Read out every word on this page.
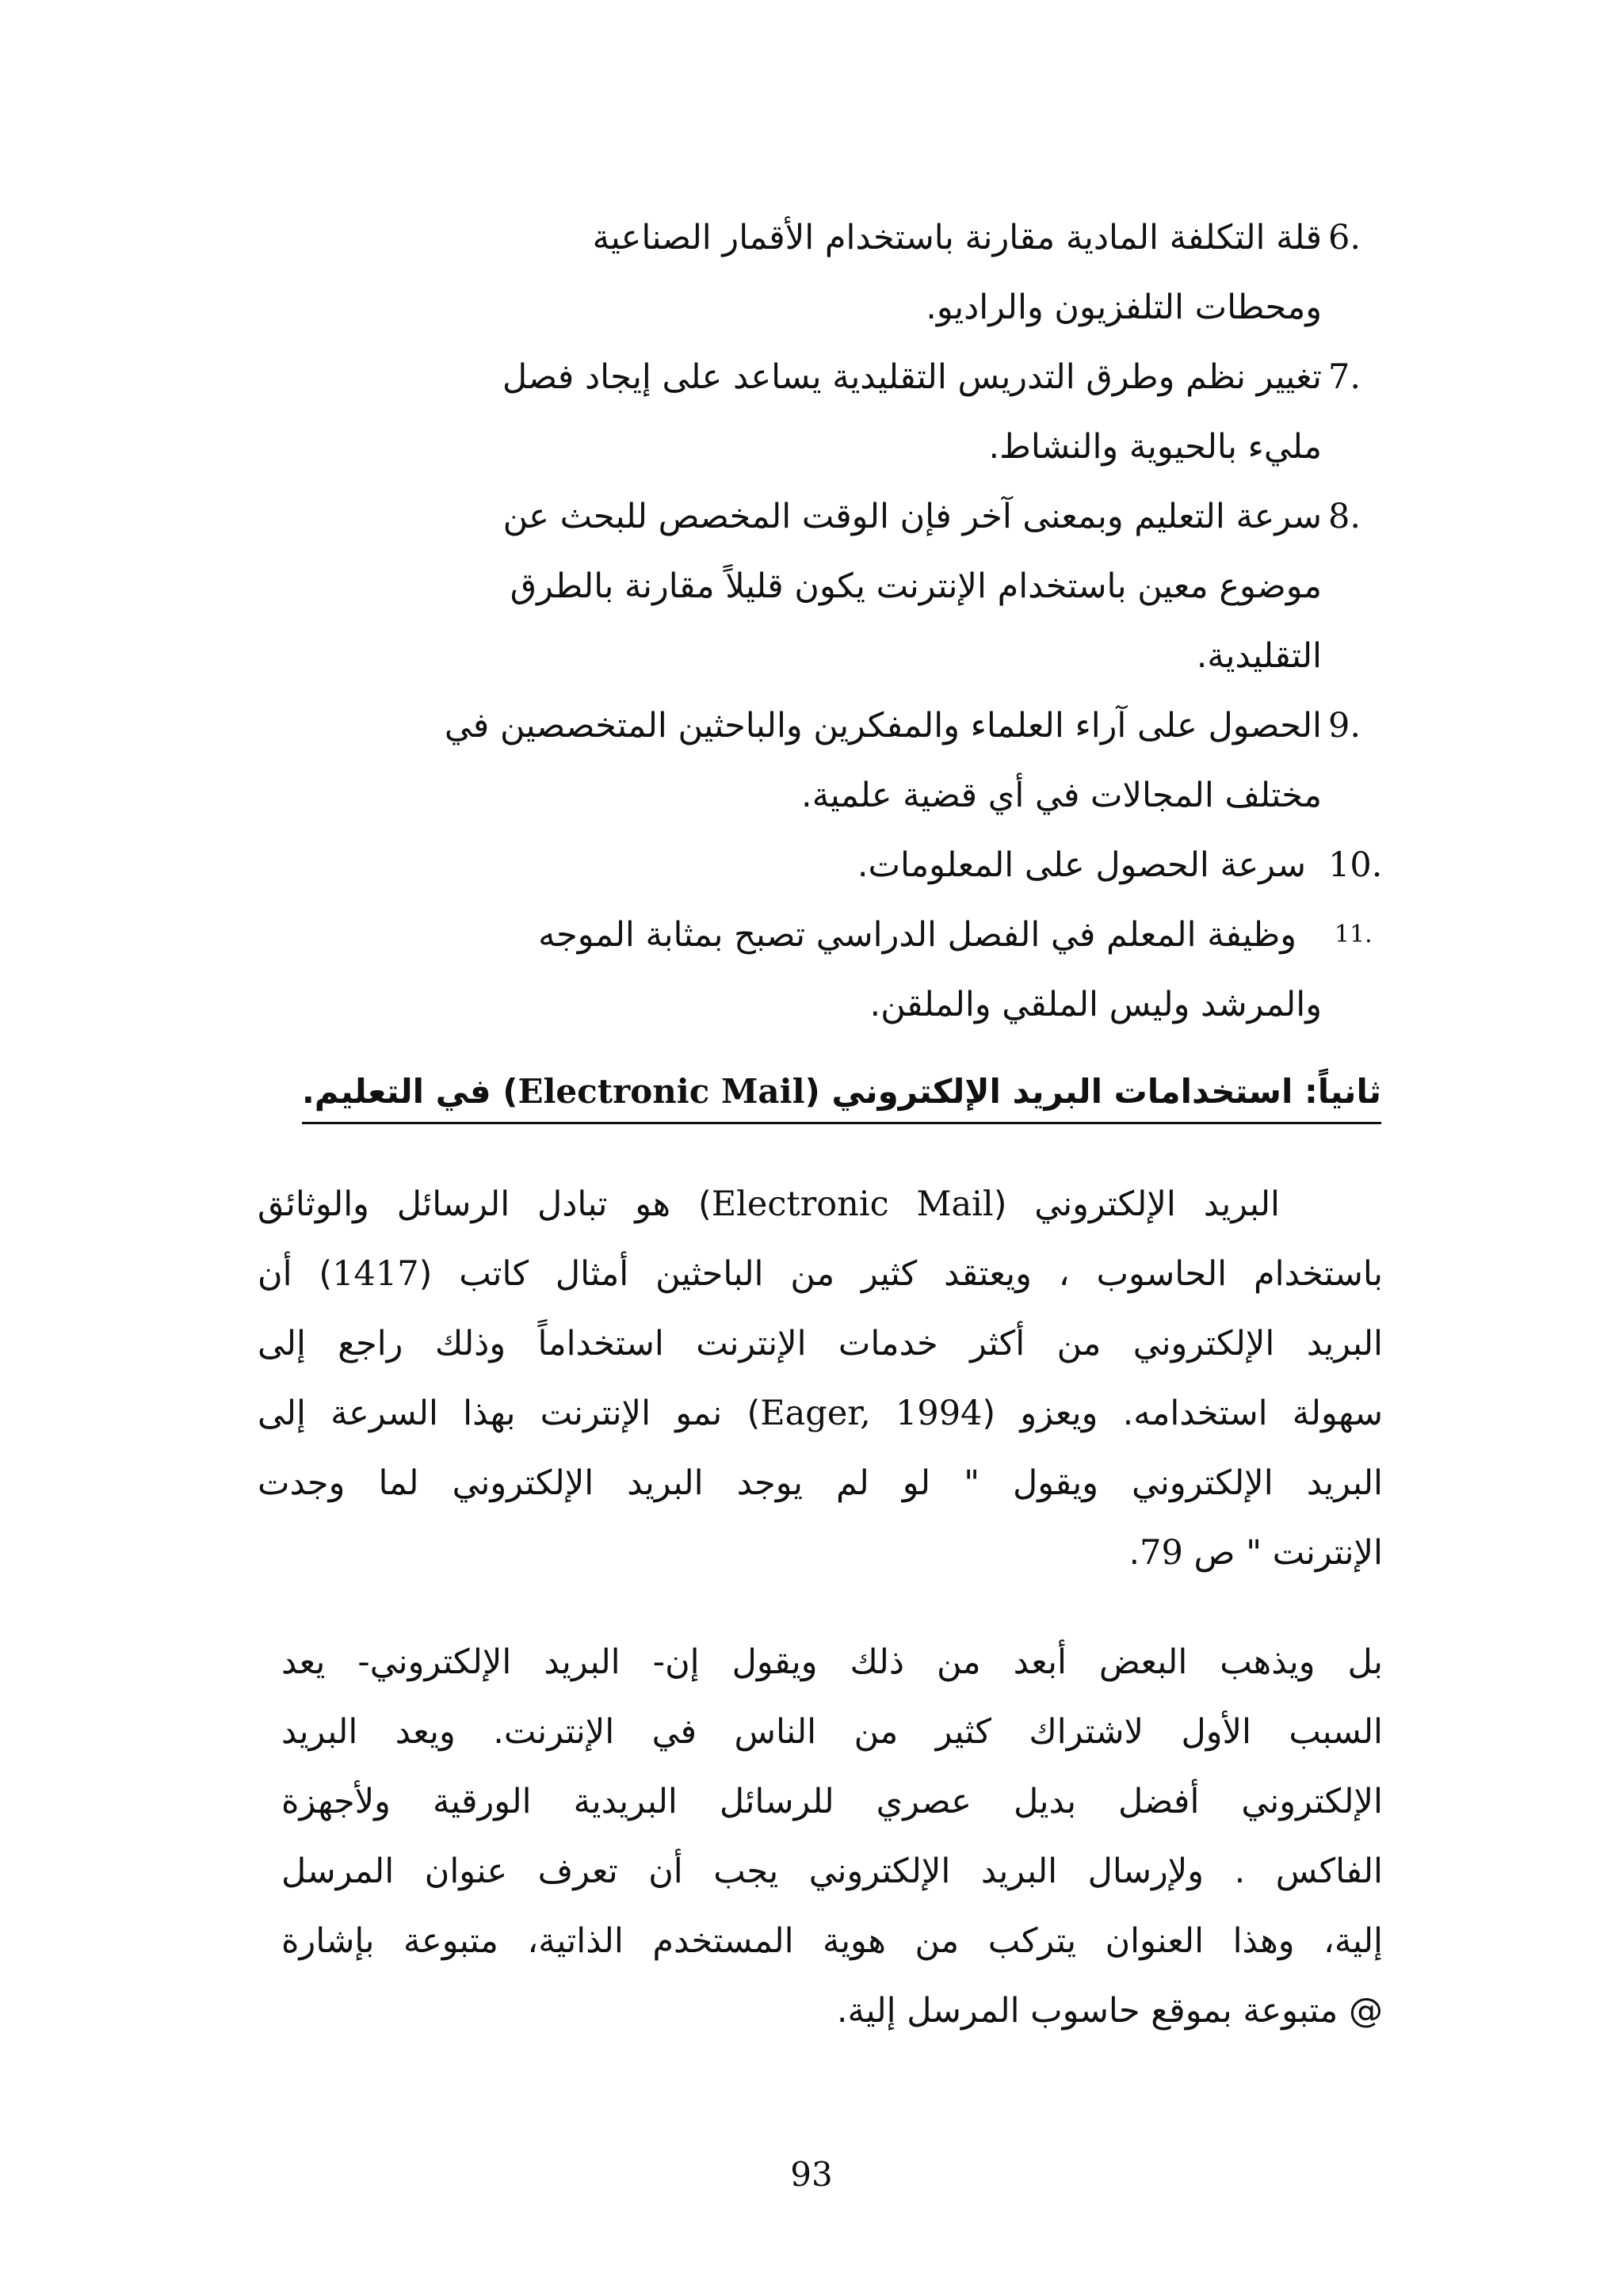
6.
قلة التكلفة المادية مقارنة باستخدام الأقمار الصناعية
ومحطات التلفزيون والراديو.
7.
تغيير نظم وطرق التدريس التقليدية يساعد على إيجاد فصل
مليء بالحيوية والنشاط.
8.
سرعة التعليم وبمعنى آخر فإن الوقت المخصص للبحث عن
موضوع معين باستخدام الإنترنت يكون قليلاً مقارنة بالطرق
التقليدية.
9.
الحصول على آراء العلماء والمفكرين والباحثين المتخصصين في
مختلف المجالات في أي قضية علمية.
10.
سرعة الحصول على المعلومات.
11.
وظيفة المعلم في الفصل الدراسي تصبح بمثابة الموجه
والمرشد وليس الملقي والملقن.
ثانياً: استخدامات البريد الإلكتروني (Electronic Mail) في التعليم.
البريد الإلكتروني (Electronic Mail) هو تبادل الرسائل والوثائق
باستخدام الحاسوب ، ويعتقد كثير من الباحثين أمثال كاتب (1417) أن
البريد الإلكتروني من أكثر خدمات الإنترنت استخداماً وذلك راجع إلى
سهولة استخدامه. ويعزو (Eager, 1994) نمو الإنترنت بهذا السرعة إلى
البريد الإلكتروني ويقول " لو لم يوجد البريد الإلكتروني لما وجدت
الإنترنت " ص 79.
بل ويذهب البعض أبعد من ذلك ويقول إن- البريد الإلكتروني- يعد
السبب الأول لاشتراك كثير من الناس في الإنترنت. ويعد البريد
الإلكتروني أفضل بديل عصري للرسائل البريدية الورقية ولأجهزة
الفاكس . ولإرسال البريد الإلكتروني يجب أن تعرف عنوان المرسل
إلية، وهذا العنوان يتركب من هوية المستخدم الذاتية، متبوعة بإشارة
@ متبوعة بموقع حاسوب المرسل إلية.
93
